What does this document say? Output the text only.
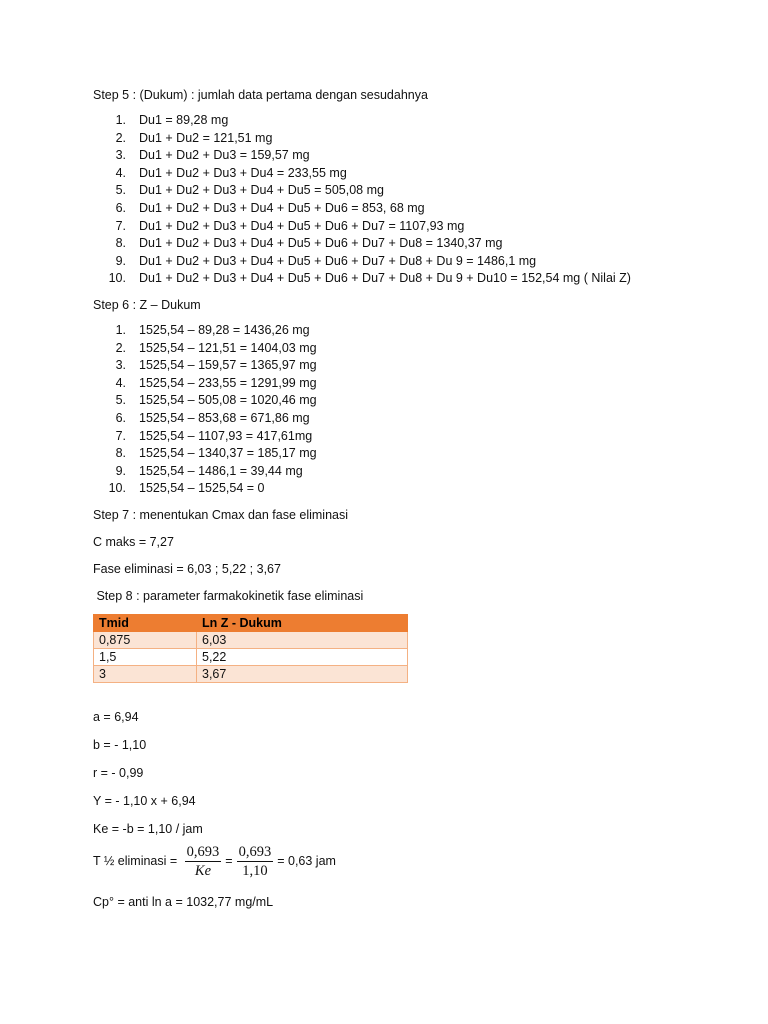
Step 5 : (Dukum) : jumlah data pertama dengan sesudahnya

1. Du1 = 89,28 mg
2. Du1 + Du2 = 121,51 mg
3. Du1 + Du2 + Du3 = 159,57 mg
4. Du1 + Du2 + Du3 + Du4 = 233,55 mg
5. Du1 + Du2 + Du3 + Du4 + Du5 = 505,08 mg
6. Du1 + Du2 + Du3 + Du4 + Du5 + Du6 = 853, 68 mg
7. Du1 + Du2 + Du3 + Du4 + Du5 + Du6 + Du7 = 1107,93 mg
8. Du1 + Du2 + Du3 + Du4 + Du5 + Du6 + Du7 + Du8 = 1340,37 mg
9. Du1 + Du2 + Du3 + Du4 + Du5 + Du6 + Du7 + Du8 + Du 9 = 1486,1 mg
10. Du1 + Du2 + Du3 + Du4 + Du5 + Du6 + Du7 + Du8 + Du 9 + Du10 = 152,54 mg ( Nilai Z)

Step 6 : Z – Dukum

1. 1525,54 – 89,28 = 1436,26 mg
2. 1525,54 – 121,51 = 1404,03 mg
3. 1525,54 – 159,57 = 1365,97 mg
4. 1525,54 – 233,55 = 1291,99 mg
5. 1525,54 – 505,08 = 1020,46 mg
6. 1525,54 – 853,68 = 671,86 mg
7. 1525,54 – 1107,93 = 417,61mg
8. 1525,54 – 1340,37 = 185,17 mg
9. 1525,54 – 1486,1 = 39,44 mg
10. 1525,54 – 1525,54 = 0

Step 7 : menentukan Cmax dan fase eliminasi

C maks = 7,27

Fase eliminasi = 6,03 ; 5,22 ; 3,67

Step 8 : parameter farmakokinetik fase eliminasi

Tmid	Ln Z - Dukum
0,875	6,03
1,5	5,22
3	3,67

a = 6,94

b = - 1,10

r = - 0,99

Y = - 1,10 x + 6,94

Ke = -b = 1,10 / jam

T ½ eliminasi = $\frac{0,693}{Ke} = \frac{0,693}{1,10} = 0,63$ jam

Cp° = anti ln a = 1032,77 mg/mL
